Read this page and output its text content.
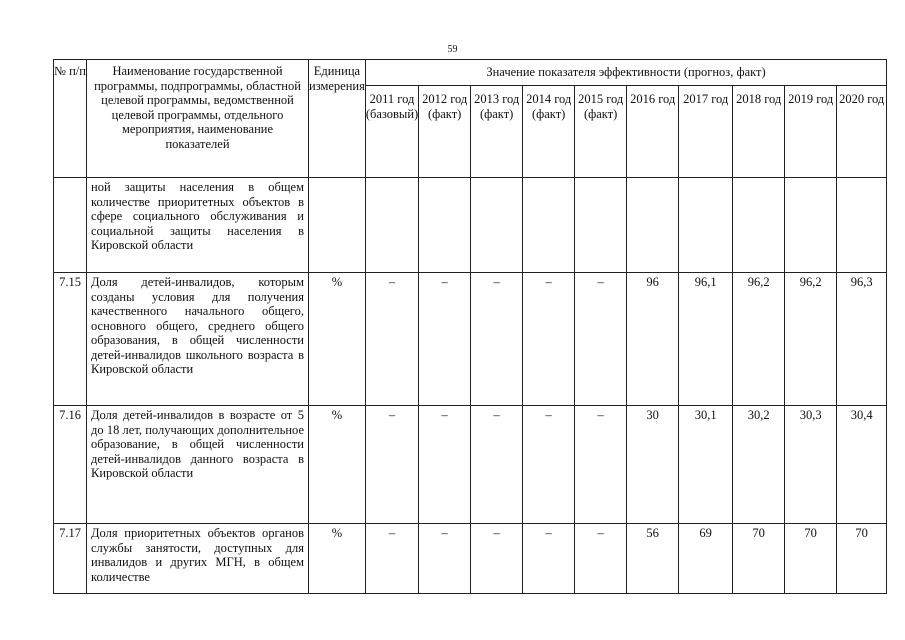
59
№ п/п	Наименование государственной программы, подпрограммы, областной целевой программы, ведомственной целевой программы, отдельного мероприятия, наименование показателей	Единица измерения	Значение показателя эффективности (прогноз, факт)									
			2011 год (базовый)	2012 год (факт)	2013 год (факт)	2014 год (факт)	2015 год (факт)	2016 год	2017 год	2018 год	2019 год	2020 год
	ной защиты населения в общем количестве приоритетных объектов в сфере социального обслуживания и социальной защиты населения в Кировской области											
7.15	Доля детей-инвалидов, которым созданы условия для получения качественного начального общего, основного общего, среднего общего образования, в общей численности детей-инвалидов школьного возраста в Кировской области	%	–	–	–	–	–	96	96,1	96,2	96,2	96,3
7.16	Доля детей-инвалидов в возрасте от 5 до 18 лет, получающих дополнительное образование, в общей численности детей-инвалидов данного возраста в Кировской области	%	–	–	–	–	–	30	30,1	30,2	30,3	30,4
7.17	Доля приоритетных объектов органов службы занятости, доступных для инвалидов и других МГН, в общем количестве	%	–	–	–	–	–	56	69	70	70	70
